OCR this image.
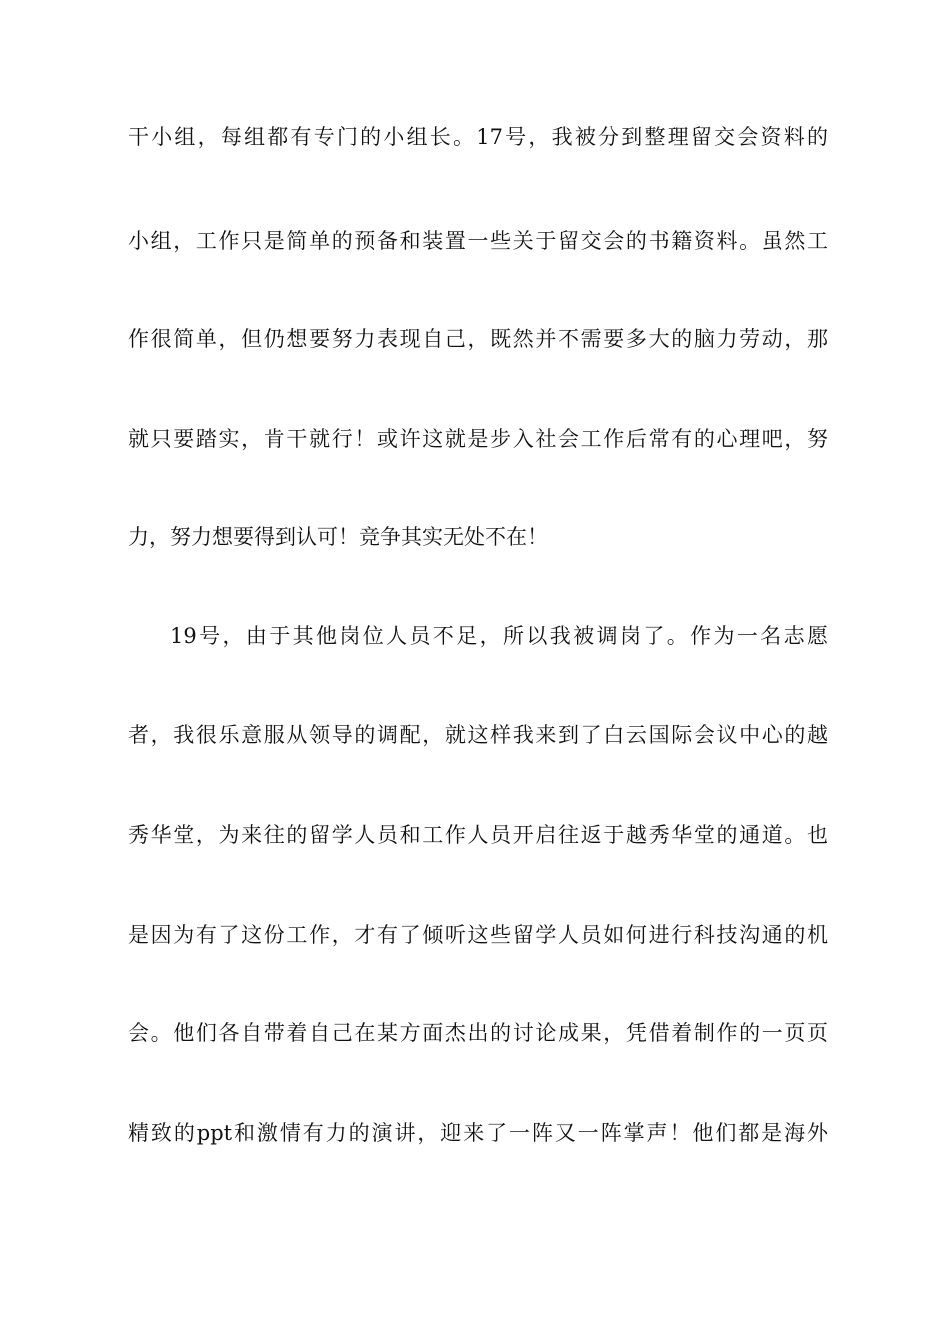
干小组，每组都有专门的小组长。17号，我被分到整理留交会资料的
小组，工作只是简单的预备和装置一些关于留交会的书籍资料。虽然工
作很简单，但仍想要努力表现自己，既然并不需要多大的脑力劳动，那
就只要踏实，肯干就行！或许这就是步入社会工作后常有的心理吧，努
力，努力想要得到认可！竞争其实无处不在！
19号，由于其他岗位人员不足，所以我被调岗了。作为一名志愿
者，我很乐意服从领导的调配，就这样我来到了白云国际会议中心的越
秀华堂，为来往的留学人员和工作人员开启往返于越秀华堂的通道。也
是因为有了这份工作，才有了倾听这些留学人员如何进行科技沟通的机
会。他们各自带着自己在某方面杰出的讨论成果，凭借着制作的一页页
精致的ppt和激情有力的演讲，迎来了一阵又一阵掌声！他们都是海外
